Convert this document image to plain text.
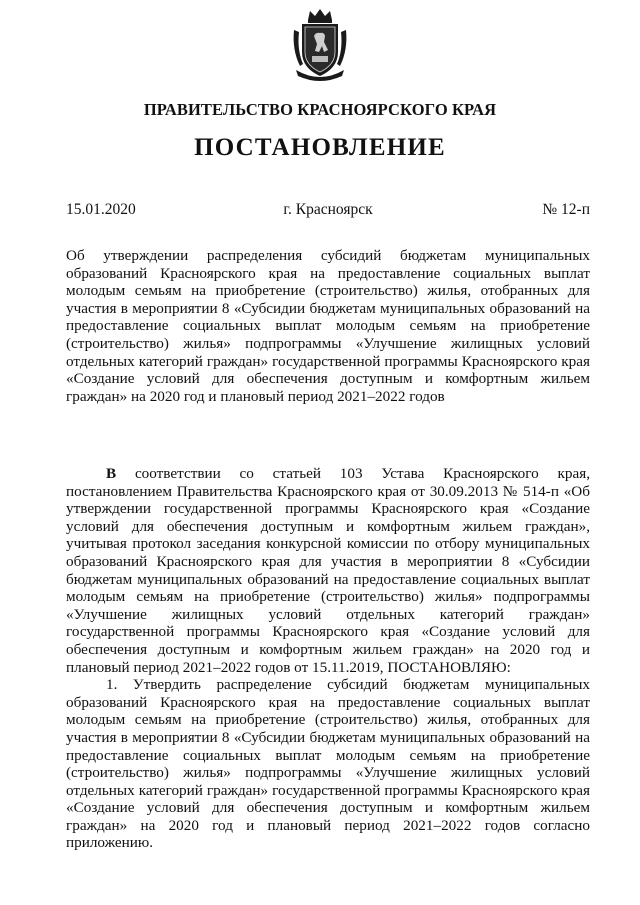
ПРАВИТЕЛЬСТВО КРАСНОЯРСКОГО КРАЯ
ПОСТАНОВЛЕНИЕ
15.01.2020	г. Красноярск	№ 12-п

Об утверждении распределения субсидий бюджетам муниципальных образований Красноярского края на предоставление социальных выплат молодым семьям на приобретение (строительство) жилья, отобранных для участия в мероприятии 8 «Субсидии бюджетам муниципальных образований на предоставление социальных выплат молодым семьям на приобретение (строительство) жилья» подпрограммы «Улучшение жилищных условий отдельных категорий граждан» государственной программы Красноярского края «Создание условий для обеспечения доступным и комфортным жильем граждан» на 2020 год и плановый период 2021–2022 годов

В соответствии со статьей 103 Устава Красноярского края, постановлением Правительства Красноярского края от 30.09.2013 № 514-п «Об утверждении государственной программы Красноярского края «Создание условий для обеспечения доступным и комфортным жильем граждан», учитывая протокол заседания конкурсной комиссии по отбору муниципальных образований Красноярского края для участия в мероприятии 8 «Субсидии бюджетам муниципальных образований на предоставление социальных выплат молодым семьям на приобретение (строительство) жилья» подпрограммы «Улучшение жилищных условий отдельных категорий граждан» государственной программы Красноярского края «Создание условий для обеспечения доступным и комфортным жильем граждан» на 2020 год и плановый период 2021–2022 годов от 15.11.2019, ПОСТАНОВЛЯЮ:

1. Утвердить распределение субсидий бюджетам муниципальных образований Красноярского края на предоставление социальных выплат молодым семьям на приобретение (строительство) жилья, отобранных для участия в мероприятии 8 «Субсидии бюджетам муниципальных образований на предоставление социальных выплат молодым семьям на приобретение (строительство) жилья» подпрограммы «Улучшение жилищных условий отдельных категорий граждан» государственной программы Красноярского края «Создание условий для обеспечения доступным и комфортным жильем граждан» на 2020 год и плановый период 2021–2022 годов согласно приложению.
